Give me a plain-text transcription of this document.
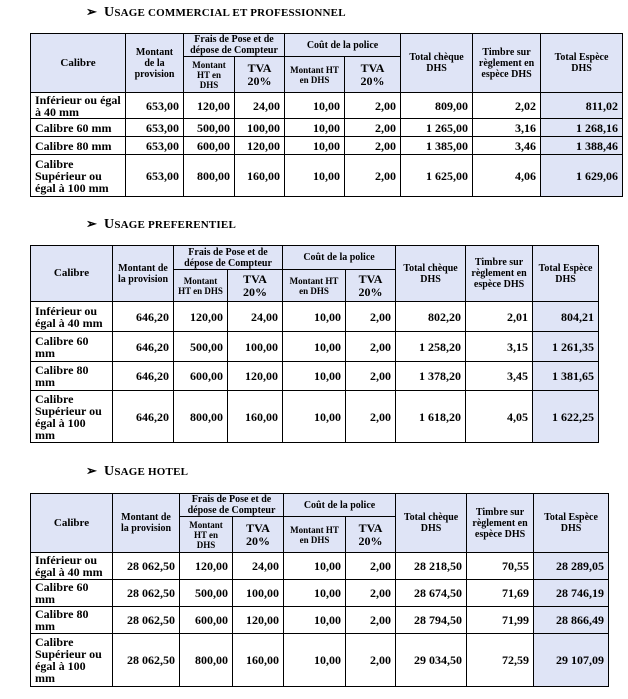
➢ USAGE COMMERCIAL ET PROFESSIONNEL
Calibre	Montant de la provision	Frais de Pose et de dépose de Compteur		Coût de la police		Total chèque DHS	Timbre sur règlement en espèce DHS	Total Espèce DHS
		Montant HT en DHS	TVA 20%	Montant HT en DHS	TVA 20%			
Inférieur ou égal à 40 mm	653,00	120,00	24,00	10,00	2,00	809,00	2,02	811,02
Calibre 60 mm	653,00	500,00	100,00	10,00	2,00	1 265,00	3,16	1 268,16
Calibre 80 mm	653,00	600,00	120,00	10,00	2,00	1 385,00	3,46	1 388,46
Calibre Supérieur ou égal à 100 mm	653,00	800,00	160,00	10,00	2,00	1 625,00	4,06	1 629,06
➢ USAGE PREFERENTIEL
Calibre	Montant de la provision	Frais de Pose et de dépose de Compteur		Coût de la police		Total chèque DHS	Timbre sur règlement en espèce DHS	Total Espèce DHS
		Montant HT en DHS	TVA 20%	Montant HT en DHS	TVA 20%			
Inférieur ou égal à 40 mm	646,20	120,00	24,00	10,00	2,00	802,20	2,01	804,21
Calibre 60 mm	646,20	500,00	100,00	10,00	2,00	1 258,20	3,15	1 261,35
Calibre 80 mm	646,20	600,00	120,00	10,00	2,00	1 378,20	3,45	1 381,65
Calibre Supérieur ou égal à 100 mm	646,20	800,00	160,00	10,00	2,00	1 618,20	4,05	1 622,25
➢ USAGE HOTEL
Calibre	Montant de la provision	Frais de Pose et de dépose de Compteur		Coût de la police		Total chèque DHS	Timbre sur règlement en espèce DHS	Total Espèce DHS
		Montant HT en DHS	TVA 20%	Montant HT en DHS	TVA 20%			
Inférieur ou égal à 40 mm	28 062,50	120,00	24,00	10,00	2,00	28 218,50	70,55	28 289,05
Calibre 60 mm	28 062,50	500,00	100,00	10,00	2,00	28 674,50	71,69	28 746,19
Calibre 80 mm	28 062,50	600,00	120,00	10,00	2,00	28 794,50	71,99	28 866,49
Calibre Supérieur ou égal à 100 mm	28 062,50	800,00	160,00	10,00	2,00	29 034,50	72,59	29 107,09
